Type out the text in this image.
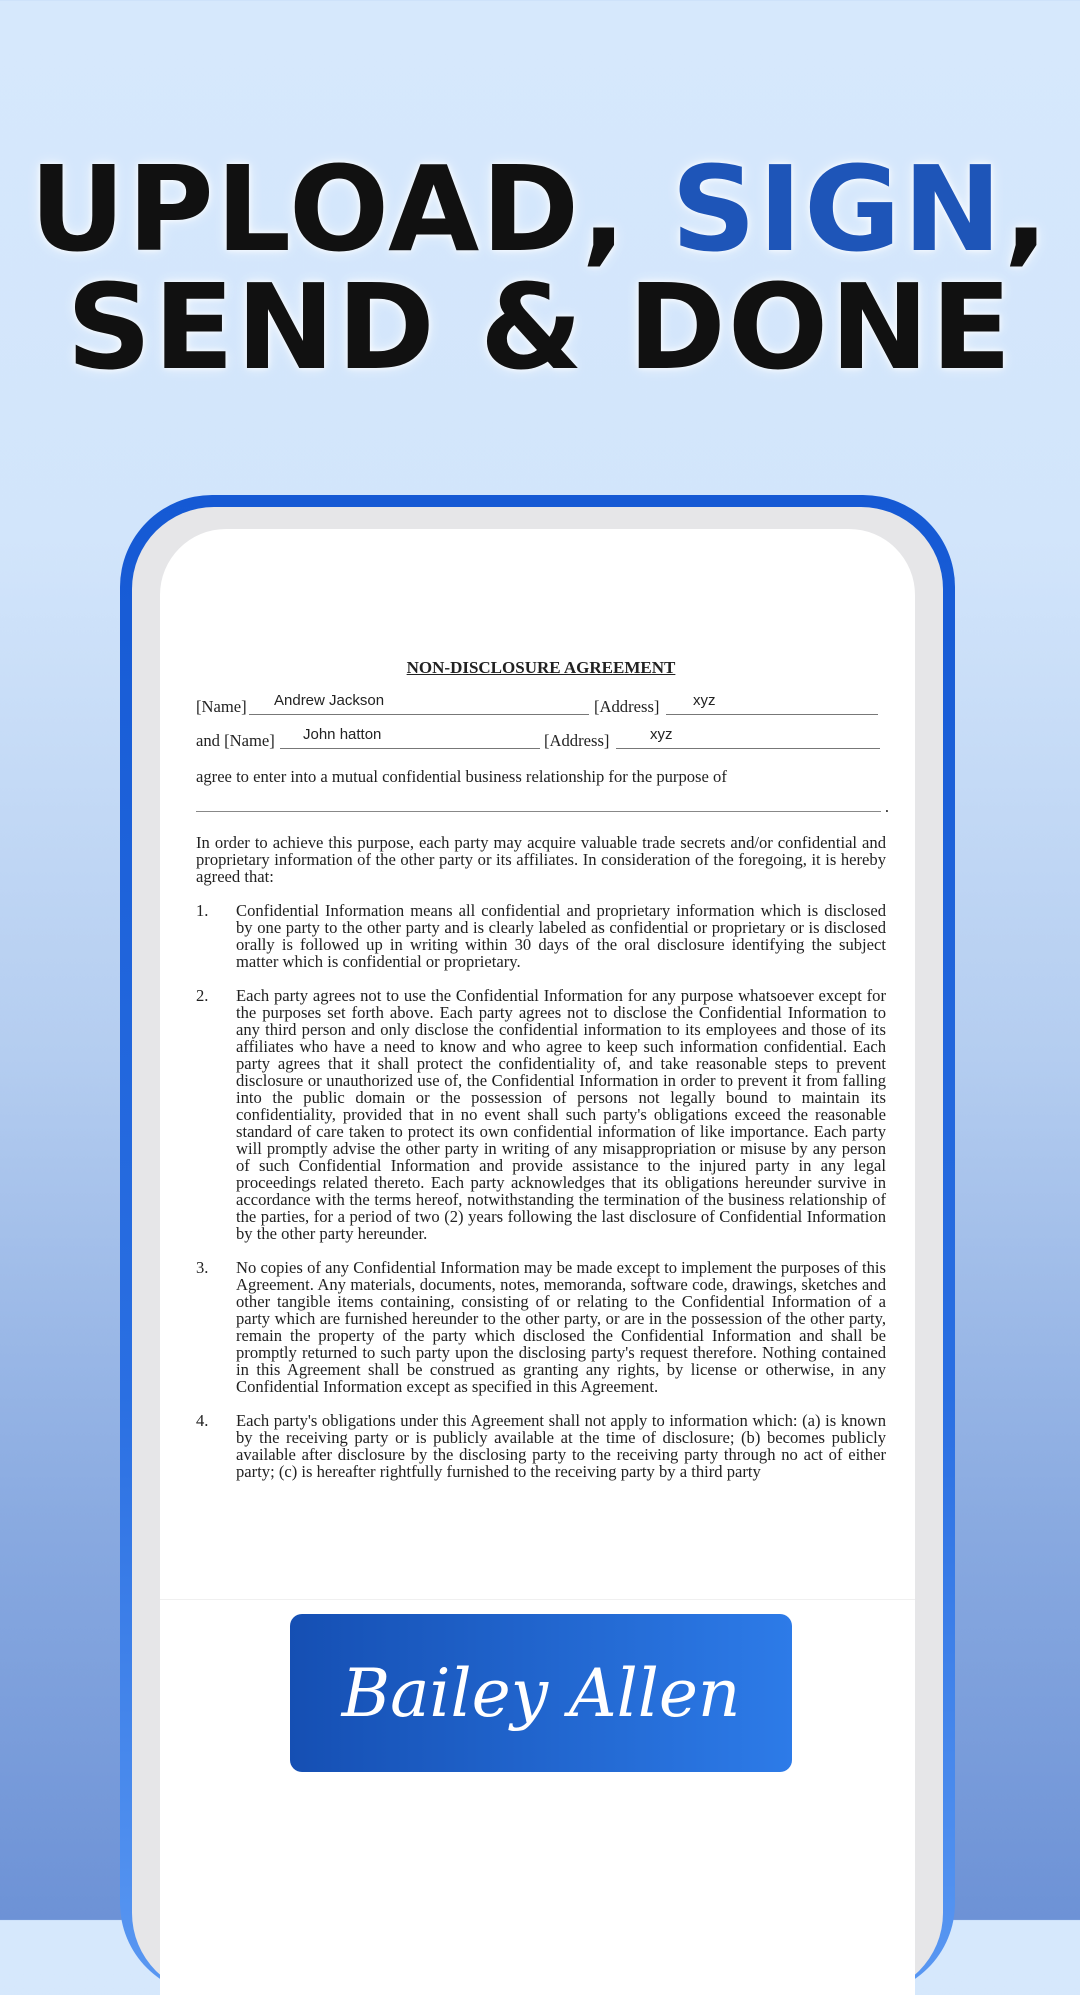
UPLOAD, SIGN,
SEND & DONE
NON-DISCLOSURE AGREEMENT
[Name] Andrew Jackson	[Address] xyz
and [Name] John hatton	[Address]	xyz
agree to enter into a mutual confidential business relationship for the purpose of
.

In order to achieve this purpose, each party may acquire valuable trade secrets and/or confidential and proprietary information of the other party or its affiliates. In consideration of the foregoing, it is hereby agreed that:

1. Confidential Information means all confidential and proprietary information which is disclosed by one party to the other party and is clearly labeled as confidential or proprietary or is disclosed orally is followed up in writing within 30 days of the oral disclosure identifying the subject matter which is confidential or proprietary.
2. Each party agrees not to use the Confidential Information for any purpose whatsoever except for the purposes set forth above. Each party agrees not to disclose the Confidential Information to any third person and only disclose the confidential information to its employees and those of its affiliates who have a need to know and who agree to keep such information confidential. Each party agrees that it shall protect the confidentiality of, and take reasonable steps to prevent disclosure or unauthorized use of, the Confidential Information in order to prevent it from falling into the public domain or the possession of persons not legally bound to maintain its confidentiality, provided that in no event shall such party's obligations exceed the reasonable standard of care taken to protect its own confidential information of like importance. Each party will promptly advise the other party in writing of any misappropriation or misuse by any person of such Confidential Information and provide assistance to the injured party in any legal proceedings related thereto. Each party acknowledges that its obligations hereunder survive in accordance with the terms hereof, notwithstanding the termination of the business relationship of the parties, for a period of two (2) years following the last disclosure of Confidential Information by the other party hereunder.
3. No copies of any Confidential Information may be made except to implement the purposes of this Agreement. Any materials, documents, notes, memoranda, software code, drawings, sketches and other tangible items containing, consisting of or relating to the Confidential Information of a party which are furnished hereunder to the other party, or are in the possession of the other party, remain the property of the party which disclosed the Confidential Information and shall be promptly returned to such party upon the disclosing party's request therefore. Nothing contained in this Agreement shall be construed as granting any rights, by license or otherwise, in any Confidential Information except as specified in this Agreement.
4. Each party's obligations under this Agreement shall not apply to information which: (a) is known by the receiving party or is publicly available at the time of disclosure; (b) becomes publicly available after disclosure by the disclosing party to the receiving party through no act of either party; (c) is hereafter rightfully furnished to the receiving party by a third party
Bailey Allen
